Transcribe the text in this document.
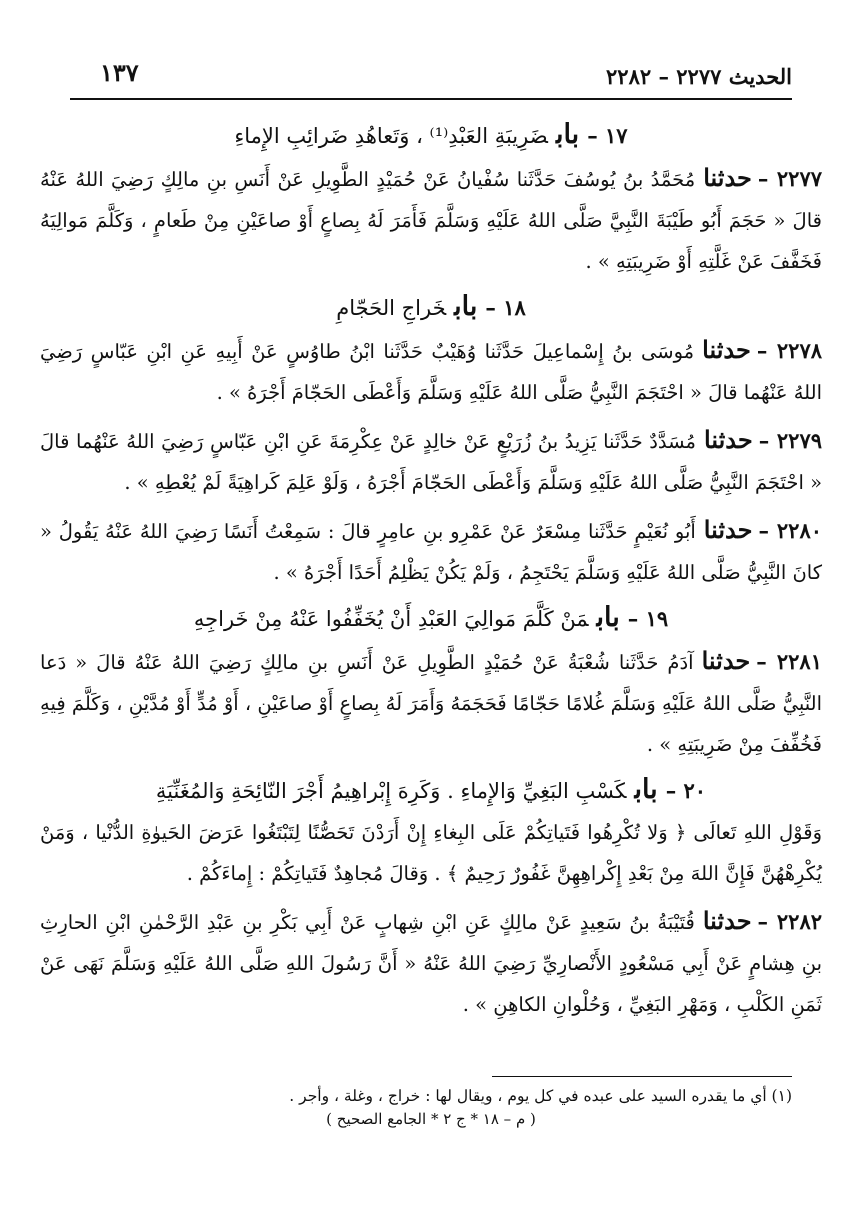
١٣٧	الحديث ٢٢٧٧ – ٢٢٨٢
١٧ –بابضَرِيبَةِ العَبْدِ⁽¹⁾ ، وَتَعاهُدِ ضَرائِبِ الإِماءِ

٢٢٧٧ –حدثنامُحَمَّدُ بنُ يُوسُفَ حَدَّثَنا سُفْيانُ عَنْ حُمَيْدٍ الطَّوِيلِ عَنْ أَنَسِ بنِ مالِكٍ رَضِيَ اللهُ عَنْهُ قالَ « حَجَمَ أَبُو طَيْبَةَ النَّبِيَّ صَلَّى اللهُ عَلَيْهِ وَسَلَّمَ فَأَمَرَ لَهُ بِصاعٍ أَوْ صاعَيْنِ مِنْ طَعامٍ ، وَكَلَّمَ مَوالِيَهُ فَخَفَّفَ عَنْ غَلَّتِهِ أَوْ ضَرِيبَتِهِ » .

١٨ –بابخَراجِ الحَجّامِ

٢٢٧٨ –حدثنامُوسَى بنُ إِسْماعِيلَ حَدَّثَنا وُهَيْبٌ حَدَّثَنا ابْنُ طاوُسٍ عَنْ أَبِيهِ عَنِ ابْنِ عَبّاسٍ رَضِيَ اللهُ عَنْهُما قالَ « احْتَجَمَ النَّبِيُّ صَلَّى اللهُ عَلَيْهِ وَسَلَّمَ وَأَعْطَى الحَجّامَ أَجْرَهُ » .

٢٢٧٩ –حدثنامُسَدَّدٌ حَدَّثَنا يَزِيدُ بنُ زُرَيْعٍ عَنْ خالِدٍ عَنْ عِكْرِمَةَ عَنِ ابْنِ عَبّاسٍ رَضِيَ اللهُ عَنْهُما قالَ « احْتَجَمَ النَّبِيُّ صَلَّى اللهُ عَلَيْهِ وَسَلَّمَ وَأَعْطَى الحَجّامَ أَجْرَهُ ، وَلَوْ عَلِمَ كَراهِيَةً لَمْ يُعْطِهِ » .

٢٢٨٠ –حدثناأَبُو نُعَيْمٍ حَدَّثَنا مِسْعَرٌ عَنْ عَمْرِو بنِ عامِرٍ قالَ : سَمِعْتُ أَنَسًا رَضِيَ اللهُ عَنْهُ يَقُولُ « كانَ النَّبِيُّ صَلَّى اللهُ عَلَيْهِ وَسَلَّمَ يَحْتَجِمُ ، وَلَمْ يَكُنْ يَظْلِمُ أَحَدًا أَجْرَهُ » .

١٩ –بابمَنْ كَلَّمَ مَوالِيَ العَبْدِ أَنْ يُخَفِّفُوا عَنْهُ مِنْ خَراجِهِ

٢٢٨١ –حدثناآدَمُ حَدَّثَنا شُعْبَةُ عَنْ حُمَيْدٍ الطَّوِيلِ عَنْ أَنَسِ بنِ مالِكٍ رَضِيَ اللهُ عَنْهُ قالَ « دَعا النَّبِيُّ صَلَّى اللهُ عَلَيْهِ وَسَلَّمَ غُلامًا حَجّامًا فَحَجَمَهُ وَأَمَرَ لَهُ بِصاعٍ أَوْ صاعَيْنِ ، أَوْ مُدٍّ أَوْ مُدَّيْنِ ، وَكَلَّمَ فِيهِ فَخُفِّفَ مِنْ ضَرِيبَتِهِ » .

٢٠ –بابكَسْبِ البَغِيِّ وَالإِماءِ . وَكَرِهَ إِبْراهِيمُ أَجْرَ النّائِحَةِ وَالمُغَنِّيَةِ

وَقَوْلِ اللهِ تَعالَى ﴿ وَلا تُكْرِهُوا فَتَياتِكُمْ عَلَى البِغاءِ إِنْ أَرَدْنَ تَحَصُّنًا لِتَبْتَغُوا عَرَضَ الحَيوٰةِ الدُّنْيا ، وَمَنْ يُكْرِهْهُنَّ فَإِنَّ اللهَ مِنْ بَعْدِ إِكْراهِهِنَّ غَفُورٌ رَحِيمٌ ﴾ . وَقالَ مُجاهِدٌ فَتَياتِكُمْ : إِماءَكُمْ .

٢٢٨٢ –حدثناقُتَيْبَةُ بنُ سَعِيدٍ عَنْ مالِكٍ عَنِ ابْنِ شِهابٍ عَنْ أَبِي بَكْرِ بنِ عَبْدِ الرَّحْمٰنِ ابْنِ الحارِثِ بنِ هِشامٍ عَنْ أَبِي مَسْعُودٍ الأَنْصارِيِّ رَضِيَ اللهُ عَنْهُ « أَنَّ رَسُولَ اللهِ صَلَّى اللهُ عَلَيْهِ وَسَلَّمَ نَهَى عَنْ ثَمَنِ الكَلْبِ ، وَمَهْرِ البَغِيِّ ، وَحُلْوانِ الكاهِنِ » .

(١) أي ما يقدره السيد على عبده في كل يوم ، ويقال لها : خراج ، وغلة ، وأجر .
( م – ١٨ * ج ٢ * الجامع الصحيح )
